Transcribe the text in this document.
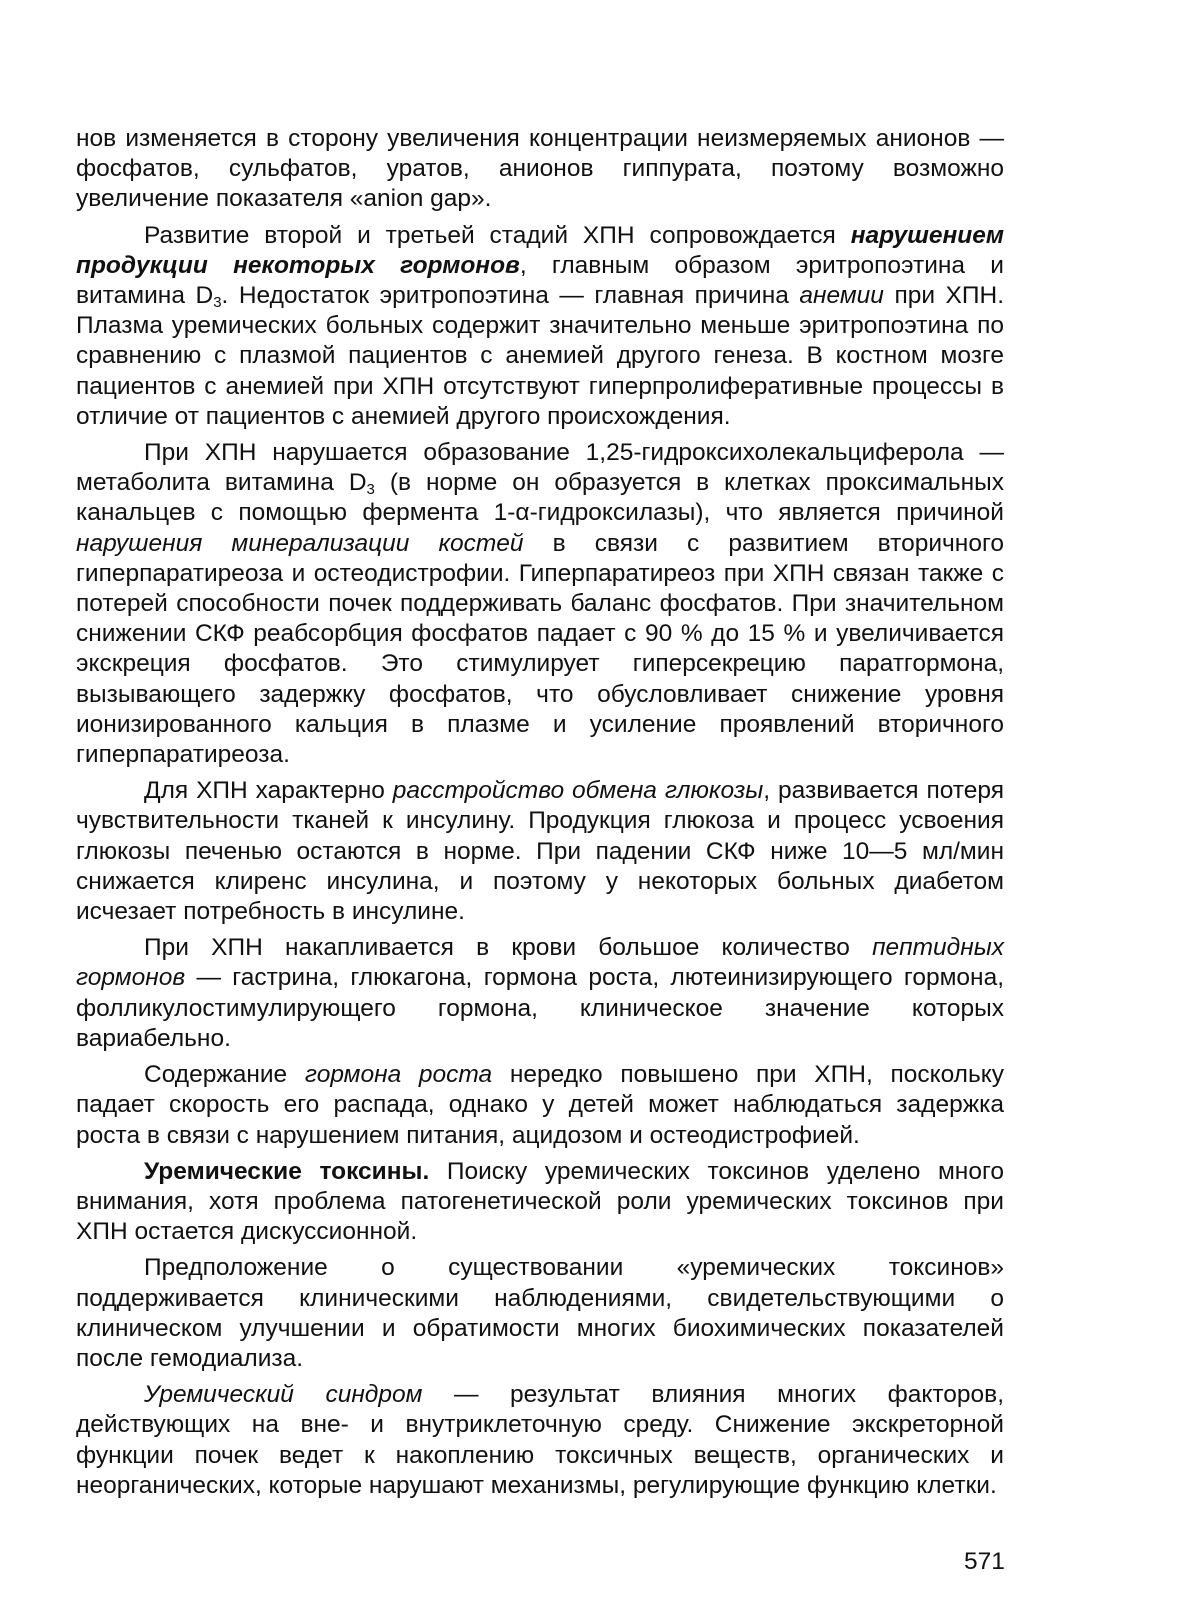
нов изменяется в сторону увеличения концентрации неизмеряемых анионов — фосфатов, сульфатов, уратов, анионов гиппурата, поэтому возможно увеличение показателя «anion gap».

Развитие второй и третьей стадий ХПН сопровождается нарушением продукции некоторых гормонов, главным образом эритропоэтина и витамина $D_3$. Недостаток эритропоэтина — главная причина анемии при ХПН. Плазма уремических больных содержит значительно меньше эритропоэтина по сравнению с плазмой пациентов с анемией другого генеза. В костном мозге пациентов с анемией при ХПН отсутствуют гиперпролиферативные процессы в отличие от пациентов с анемией другого происхождения.

При ХПН нарушается образование 1,25-гидроксихолекальциферола — метаболита витамина $D_3$ (в норме он образуется в клетках проксимальных канальцев с помощью фермента 1-α-гидроксилазы), что является причиной нарушения минерализации костей в связи с развитием вторичного гиперпаратиреоза и остеодистрофии. Гиперпаратиреоз при ХПН связан также с потерей способности почек поддерживать баланс фосфатов. При значительном снижении СКФ реабсорбция фосфатов падает с 90 % до 15 % и увеличивается экскреция фосфатов. Это стимулирует гиперсекрецию паратгормона, вызывающего задержку фосфатов, что обусловливает снижение уровня ионизированного кальция в плазме и усиление проявлений вторичного гиперпаратиреоза.

Для ХПН характерно расстройство обмена глюкозы, развивается потеря чувствительности тканей к инсулину. Продукция глюкоза и процесс усвоения глюкозы печенью остаются в норме. При падении СКФ ниже 10—5 мл/мин снижается клиренс инсулина, и поэтому у некоторых больных диабетом исчезает потребность в инсулине.

При ХПН накапливается в крови большое количество пептидных гормонов — гастрина, глюкагона, гормона роста, лютеинизирующего гормона, фолликулостимулирующего гормона, клиническое значение которых вариабельно.

Содержание гормона роста нередко повышено при ХПН, поскольку падает скорость его распада, однако у детей может наблюдаться задержка роста в связи с нарушением питания, ацидозом и остеодистрофией.

Уремические токсины. Поиску уремических токсинов уделено много внимания, хотя проблема патогенетической роли уремических токсинов при ХПН остается дискуссионной.

Предположение о существовании «уремических токсинов» поддерживается клиническими наблюдениями, свидетельствующими о клиническом улучшении и обратимости многих биохимических показателей после гемодиализа.

Уремический синдром — результат влияния многих факторов, действующих на вне- и внутриклеточную среду. Снижение экскреторной функции почек ведет к накоплению токсичных веществ, органических и неорганических, которые нарушают механизмы, регулирующие функцию клетки.

571
